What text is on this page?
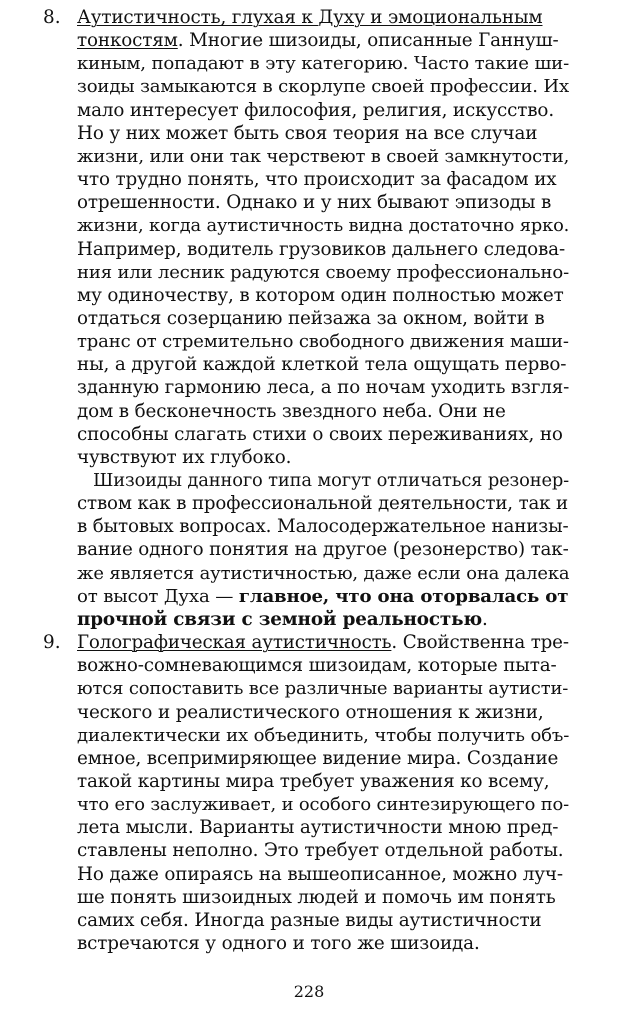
8. Аутистичность, глухая к Духу и эмоциональным
тонкостям. Многие шизоиды, описанные Ганнуш-
киным, попадают в эту категорию. Часто такие ши-
зоиды замыкаются в скорлупе своей профессии. Их
мало интересует философия, религия, искусство.
Но у них может быть своя теория на все случаи
жизни, или они так черствеют в своей замкнутости,
что трудно понять, что происходит за фасадом их
отрешенности. Однако и у них бывают эпизоды в
жизни, когда аутистичность видна достаточно ярко.
Например, водитель грузовиков дальнего следова-
ния или лесник радуются своему профессионально-
му одиночеству, в котором один полностью может
отдаться созерцанию пейзажа за окном, войти в
транс от стремительно свободного движения маши-
ны, а другой каждой клеткой тела ощущать перво-
зданную гармонию леса, а по ночам уходить взгля-
дом в бесконечность звездного неба. Они не
способны слагать стихи о своих переживаниях, но
чувствуют их глубоко.
Шизоиды данного типа могут отличаться резонер-
ством как в профессиональной деятельности, так и
в бытовых вопросах. Малосодержательное нанизы-
вание одного понятия на другое (резонерство) так-
же является аутистичностью, даже если она далека
от высот Духа — главное, что она оторвалась от
прочной связи с земной реальностью.
9. Голографическая аутистичность. Свойственна тре-
вожно-сомневающимся шизоидам, которые пыта-
ются сопоставить все различные варианты аутисти-
ческого и реалистического отношения к жизни,
диалектически их объединить, чтобы получить объ-
емное, всепримиряющее видение мира. Создание
такой картины мира требует уважения ко всему,
что его заслуживает, и особого синтезирующего по-
лета мысли. Варианты аутистичности мною пред-
ставлены неполно. Это требует отдельной работы.
Но даже опираясь на вышеописанное, можно луч-
ше понять шизоидных людей и помочь им понять
самих себя. Иногда разные виды аутистичности
встречаются у одного и того же шизоида.
228
